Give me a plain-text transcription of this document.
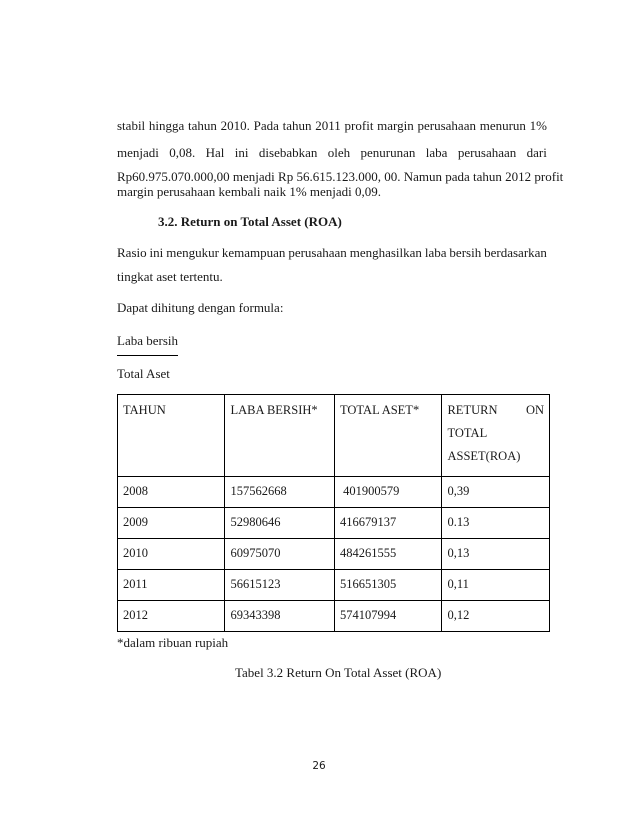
stabil hingga tahun 2010. Pada tahun 2011 profit margin perusahaan menurun 1%
menjadi 0,08. Hal ini disebabkan oleh penurunan laba perusahaan dari
Rp60.975.070.000,00 menjadi Rp 56.615.123.000, 00. Namun pada tahun 2012 profit
margin perusahaan kembali naik 1% menjadi 0,09.
3.2. Return on Total Asset (ROA)
Rasio ini mengukur kemampuan perusahaan menghasilkan laba bersih berdasarkan
tingkat aset tertentu.
Dapat dihitung dengan formula:
Laba bersih
Total Aset
TAHUN	LABA BERSIH*	TOTAL ASET*	RETURN ON
TOTAL
ASSET(ROA)

2008	157562668	401900579	0,39
2009	52980646	416679137	0.13
2010	60975070	484261555	0,13
2011	56615123	516651305	0,11
2012	69343398	574107994	0,12
*dalam ribuan rupiah
Tabel 3.2 Return On Total Asset (ROA)
26
